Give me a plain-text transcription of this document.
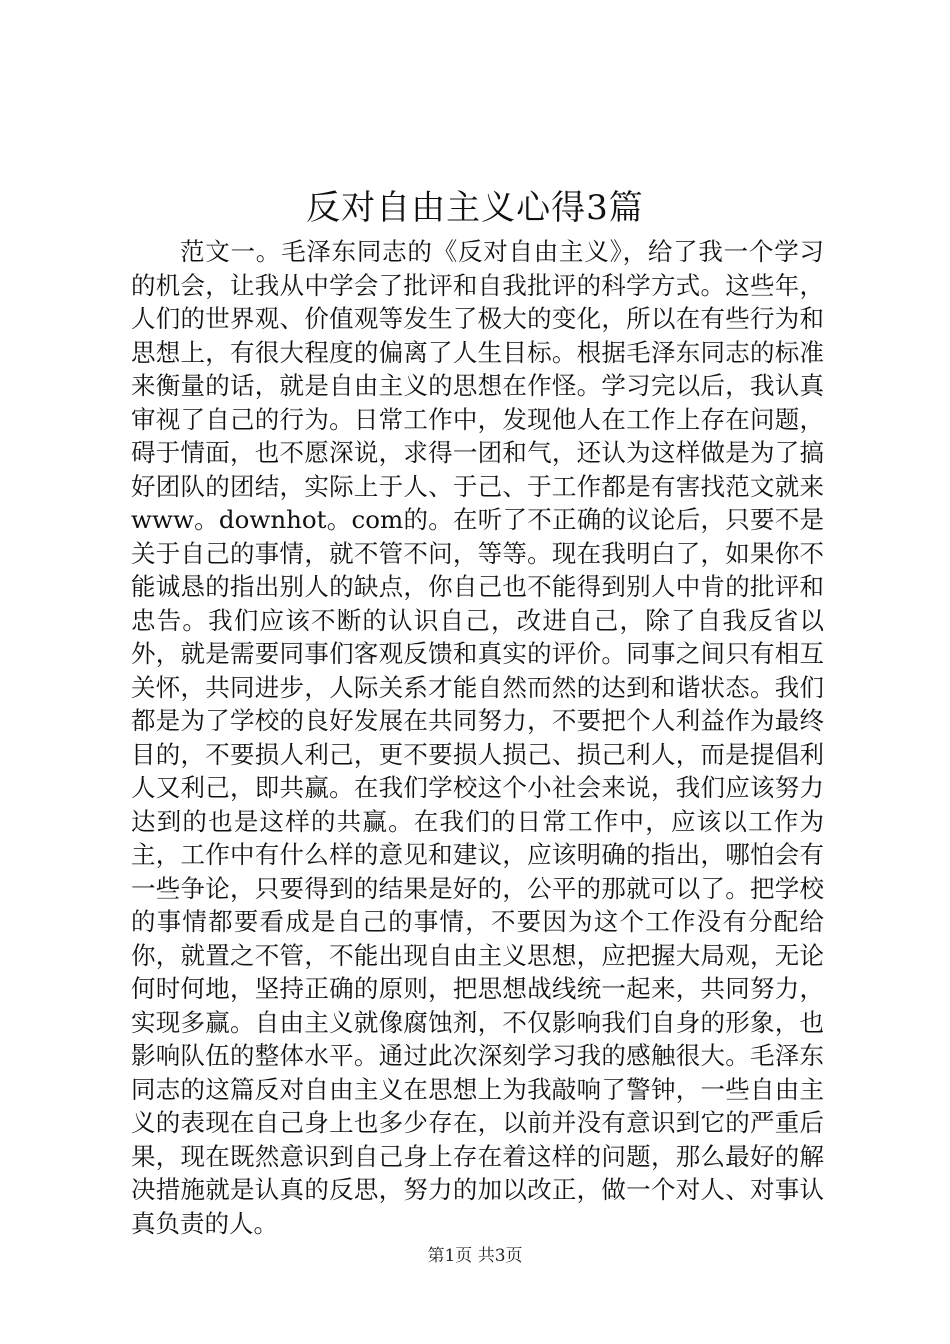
反对自由主义心得3篇

范文一。毛泽东同志的《反对自由主义》，给了我一个学习的机会，让我从中学会了批评和自我批评的科学方式。这些年，人们的世界观、价值观等发生了极大的变化，所以在有些行为和思想上，有很大程度的偏离了人生目标。根据毛泽东同志的标准来衡量的话，就是自由主义的思想在作怪。学习完以后，我认真审视了自己的行为。日常工作中，发现他人在工作上存在问题，碍于情面，也不愿深说，求得一团和气，还认为这样做是为了搞好团队的团结，实际上于人、于己、于工作都是有害找范文就来www。downhot。com的。在听了不正确的议论后，只要不是关于自己的事情，就不管不问，等等。现在我明白了，如果你不能诚恳的指出别人的缺点，你自己也不能得到别人中肯的批评和忠告。我们应该不断的认识自己，改进自己，除了自我反省以外，就是需要同事们客观反馈和真实的评价。同事之间只有相互关怀，共同进步，人际关系才能自然而然的达到和谐状态。我们都是为了学校的良好发展在共同努力，不要把个人利益作为最终目的，不要损人利己，更不要损人损己、损己利人，而是提倡利人又利己，即共赢。在我们学校这个小社会来说，我们应该努力达到的也是这样的共赢。在我们的日常工作中，应该以工作为主，工作中有什么样的意见和建议，应该明确的指出，哪怕会有一些争论，只要得到的结果是好的，公平的那就可以了。把学校的事情都要看成是自己的事情，不要因为这个工作没有分配给你，就置之不管，不能出现自由主义思想，应把握大局观，无论何时何地，坚持正确的原则，把思想战线统一起来，共同努力，实现多赢。自由主义就像腐蚀剂，不仅影响我们自身的形象，也影响队伍的整体水平。通过此次深刻学习我的感触很大。毛泽东同志的这篇反对自由主义在思想上为我敲响了警钟，一些自由主义的表现在自己身上也多少存在，以前并没有意识到它的严重后果，现在既然意识到自己身上存在着这样的问题，那么最好的解决措施就是认真的反思，努力的加以改正，做一个对人、对事认真负责的人。

第1页 共3页
